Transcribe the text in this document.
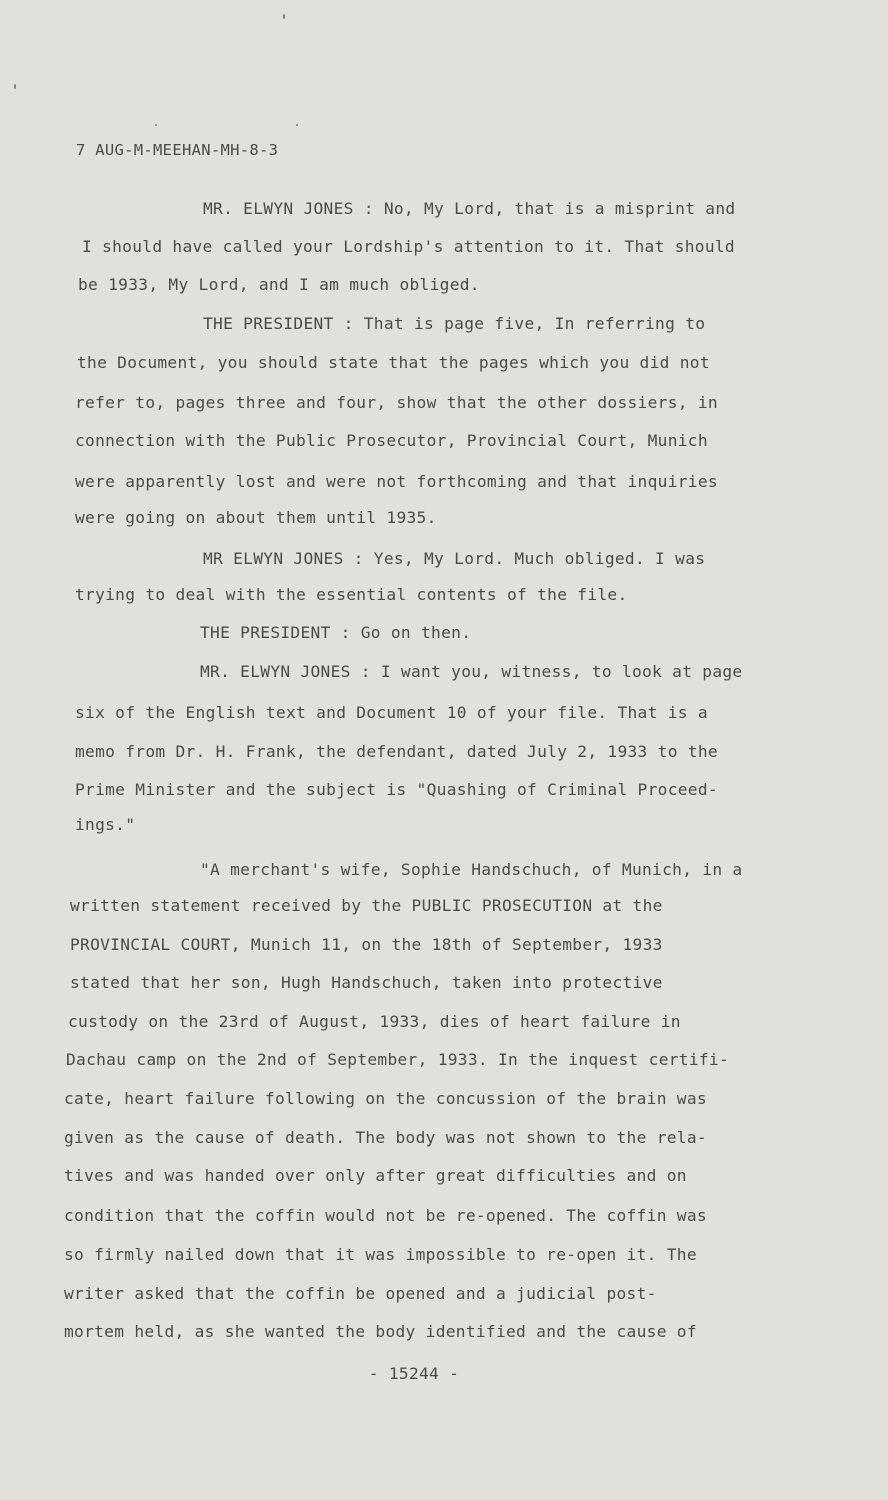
7 AUG-M-MEEHAN-MH-8-3
MR. ELWYN JONES : No, My Lord, that is a misprint and
I should have called your Lordship's attention to it. That should
be 1933, My Lord, and I am much obliged.
THE PRESIDENT : That is page five, In referring to
the Document, you should state that the pages which you did not
refer to, pages three and four, show that the other dossiers, in
connection with the Public Prosecutor, Provincial Court, Munich
were apparently lost and were not forthcoming and that inquiries
were going on about them until 1935.
MR ELWYN JONES : Yes, My Lord. Much obliged. I was
trying to deal with the essential contents of the file.
THE PRESIDENT : Go on then.
MR. ELWYN JONES : I want you, witness, to look at page
six of the English text and Document 10 of your file. That is a
memo from Dr. H. Frank, the defendant, dated July 2, 1933 to the
Prime Minister and the subject is "Quashing of Criminal Proceed-
ings."
"A merchant's wife, Sophie Handschuch, of Munich, in a
written statement received by the PUBLIC PROSECUTION at the
PROVINCIAL COURT, Munich 11, on the 18th of September, 1933
stated that her son, Hugh Handschuch, taken into protective
custody on the 23rd of August, 1933, dies of heart failure in
Dachau camp on the 2nd of September, 1933. In the inquest certifi-
cate, heart failure following on the concussion of the brain was
given as the cause of death. The body was not shown to the rela-
tives and was handed over only after great difficulties and on
condition that the coffin would not be re-opened. The coffin was
so firmly nailed down that it was impossible to re-open it. The
writer asked that the coffin be opened and a judicial post-
mortem held, as she wanted the body identified and the cause of
- 15244 -
